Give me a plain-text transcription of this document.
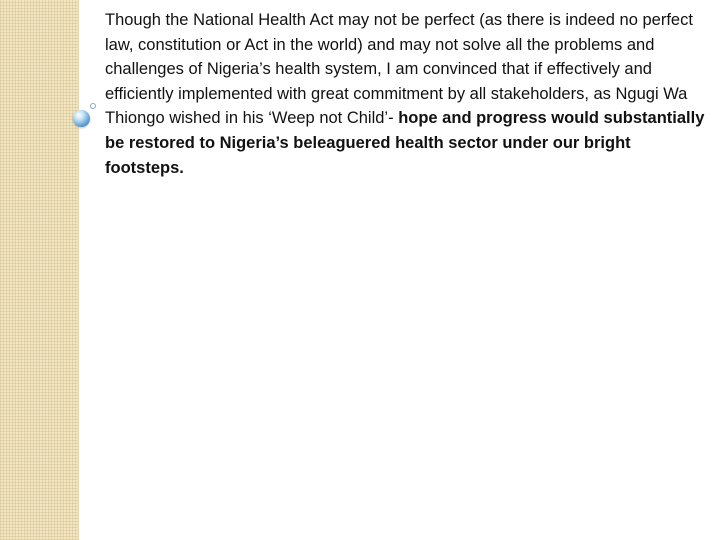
Though the National Health Act may not be perfect (as there is indeed no perfect law, constitution or Act in the world) and may not solve all the problems and challenges of Nigeria’s health system, I am convinced that if effectively and efficiently implemented with great commitment by all stakeholders, as Ngugi Wa Thiongo wished in his ‘Weep not Child’- hope and progress would substantially be restored to Nigeria’s beleaguered health sector under our bright footsteps.
